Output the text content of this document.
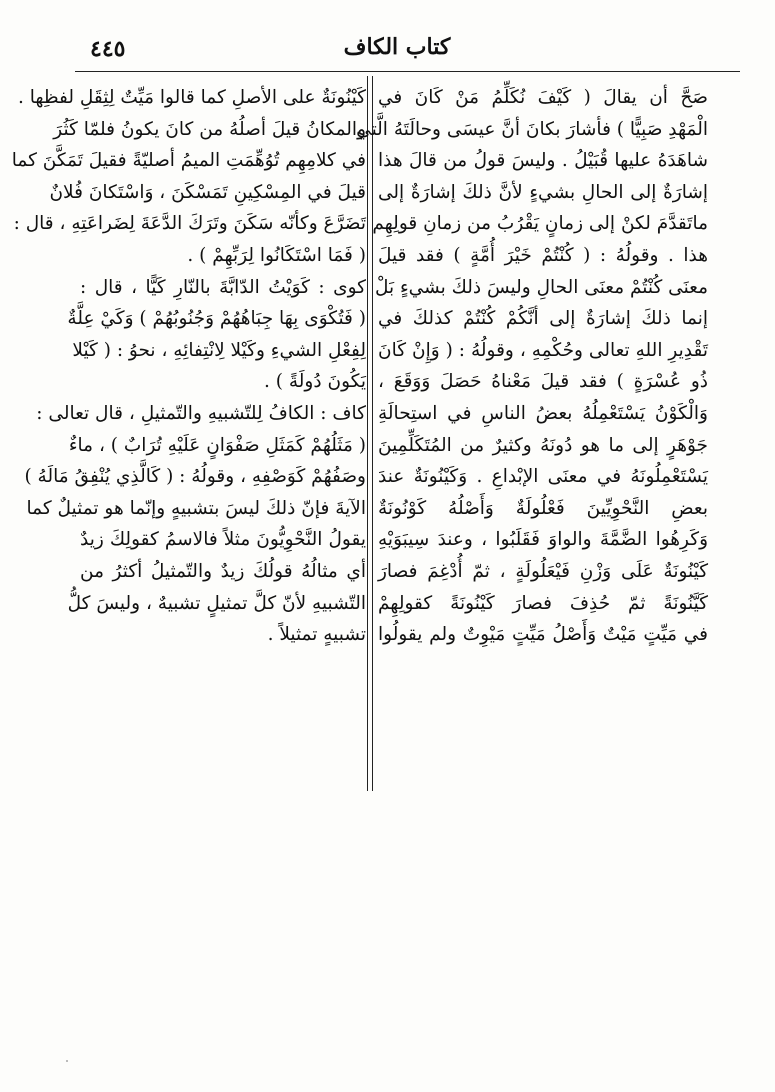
٤٤٥	كتاب الكاف
صَحَّ أن يقالَ ( كَيْفَ نُكَلِّمُ مَنْ كَانَ في
الْمَهْدِ صَبِيًّا ) فأشارَ بكانَ أنَّ عيسَى وحالَتَهُ الَّتي
شاهَدَهُ عليها قُبَيْلُ . وليسَ قولُ من قالَ هذا
إشارَةٌ إلى الحالِ بشيءٍ لأنَّ ذلكَ إشارَةٌ إلى
ماتَقدَّمَ لكنْ إلى زمانٍ يَقْرُبُ من زمانِ قولِهِم
هذا . وقولُهُ : ( كُنْتُمْ خَيْرَ أُمَّةٍ ) فقد قيلَ
معنَى كُنْتُمْ معنَى الحالِ وليسَ ذلكَ بشيءٍ بَلْ
إنما ذلكَ إشارَةٌ إلى أنَّكُمْ كُنْتُمْ كذلكَ في
تَقْدِيرِ اللهِ تعالى وحُكْمِهِ ، وقولُهُ : ( وَإِنْ كَانَ
ذُو عُسْرَةٍ ) فقد قيلَ مَعْناهُ حَصَلَ وَوَقَعَ ،
وَالْكَوْنُ يَسْتَعْمِلُهُ بعضُ الناسِ في استِحالَةِ
جَوْهَرٍ إلى ما هو دُونَهُ وكثيرٌ من المُتَكَلِّمِينَ
يَسْتَعْمِلُونَهُ في معنَى الإبْداعِ . وَكَيْنُونَةٌ عندَ
بعضِ النَّحْوِيِّينَ فَعْلُولَةٌ وَأَصْلُهُ كَوْنُونَةٌ
وَكَرِهُوا الضَّمَّةَ والواوَ فَقَلَبُوا ، وعندَ سِيبَوَيْهِ
كَيْنُونَةٌ عَلَى وَزْنِ فَيْعَلُولَةٍ ، ثمّ أُدْغِمَ فصارَ
كَيَّنُونَةً ثمّ حُذِفَ فصارَ كَيْنُونَةً كقولِهِمْ
في مَيِّتٍ مَيْتٌ وَأَصْلُ مَيِّتٍ مَيْوِتٌ ولم يقولُوا
كَيْنُونَةٌ على الأصلِ كما قالوا مَيِّتٌ لِثِقَلِ لفظِها .
والمكانُ قيلَ أصلُهُ من كانَ يكونُ فلمّا كَثُرَ
في كلامِهِم تُوُهِّمَتِ الميمُ أصليّةً فقيلَ تَمَكَّنَ كما
قيلَ في المِسْكِينِ تَمَسْكَنَ ، وَاسْتَكانَ فُلانٌ
تَضَرَّعَ وكأنّه سَكَنَ وتَرَكَ الدَّعَةَ لِضَراعَتِهِ ، قال :
( فَمَا اسْتَكَانُوا لِرَبِّهِمْ ) .
كوى : كَوَيْتُ الدّابَّةَ بالنّارِ كَيًّا ، قال :
( فَتُكْوَى بِهَا جِبَاهُهُمْ وَجُنُوبُهُمْ ) وَكَيْ عِلَّةٌ
لِفِعْلِ الشيءِ وكَيْلا لِانْتِفائِهِ ، نحوُ : ( كَيْلا
يَكُونَ دُولَةً ) .
كاف : الكافُ لِلتّشبيهِ والتّمثيلِ ، قال تعالى :
( مَثَلُهُمْ كَمَثَلِ صَفْوَانٍ عَلَيْهِ تُرَابٌ ) ، ماءٌ
وصَفُهُمْ كَوَصْفِهِ ، وقولُهُ : ( كَالَّذِي يُنْفِقُ مَالَهُ )
الآيةَ فإنّ ذلكَ ليسَ بتشبيهٍ وإنّما هو تمثيلٌ كما
يقولُ النَّحْوِيُّونَ مثلاً فالاسمُ كقولِكَ زيدٌ
أي مثالُهُ قولُكَ زيدٌ والتّمثيلُ أكثرُ من
التّشبيهِ لأنّ كلَّ تمثيلٍ تشبيهٌ ، وليسَ كلُّ
تشبيهٍ تمثيلاً .
